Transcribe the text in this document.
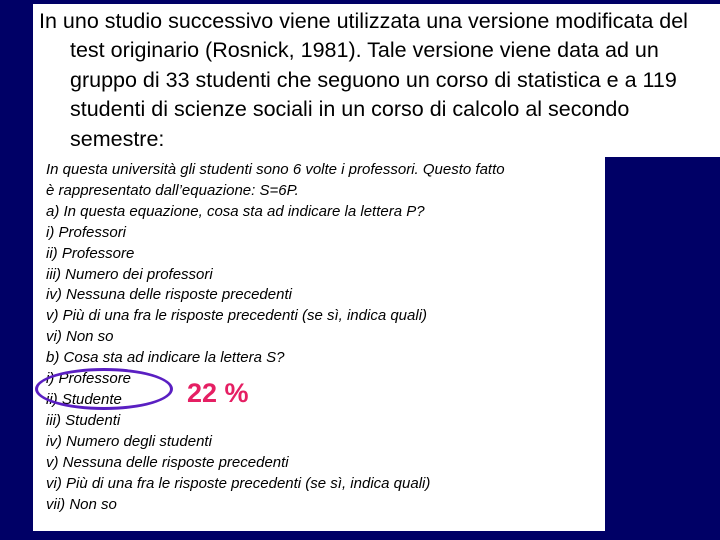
In uno studio successivo viene utilizzata una versione modificata del test originario (Rosnick, 1981). Tale versione viene data ad un gruppo di 33 studenti che seguono un corso di statistica e a 119 studenti di scienze sociali in un corso di calcolo al secondo semestre:

In questa università gli studenti sono 6 volte i professori. Questo fatto
è rappresentato dall’equazione: S=6P.
a) In questa equazione, cosa sta ad indicare la lettera P?
i) Professori
ii) Professore
iii) Numero dei professori
iv) Nessuna delle risposte precedenti
v) Più di una fra le risposte precedenti (se sì, indica quali)
vi) Non so
b) Cosa sta ad indicare la lettera S?
i) Professore
ii) Studente
iii) Studenti
iv) Numero degli studenti
v) Nessuna delle risposte precedenti
vi) Più di una fra le risposte precedenti (se sì, indica quali)
vii) Non so
22 %
